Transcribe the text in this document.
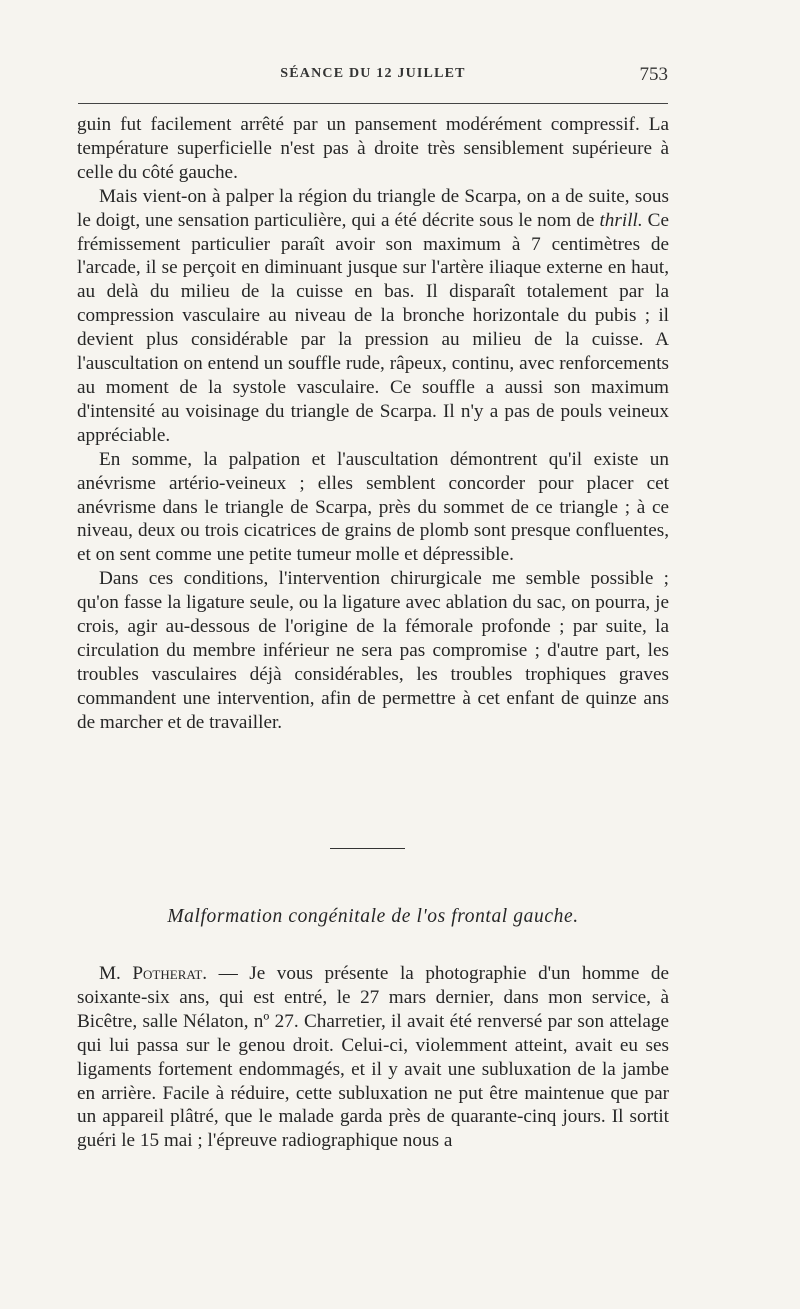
SÉANCE DU 12 JUILLET	753

guin fut facilement arrêté par un pansement modérément compressif. La température superficielle n'est pas à droite très sensiblement supérieure à celle du côté gauche.

Mais vient-on à palper la région du triangle de Scarpa, on a de suite, sous le doigt, une sensation particulière, qui a été décrite sous le nom de thrill. Ce frémissement particulier paraît avoir son maximum à 7 centimètres de l'arcade, il se perçoit en diminuant jusque sur l'artère iliaque externe en haut, au delà du milieu de la cuisse en bas. Il disparaît totalement par la compression vasculaire au niveau de la bronche horizontale du pubis ; il devient plus considérable par la pression au milieu de la cuisse. A l'auscultation on entend un souffle rude, râpeux, continu, avec renforcements au moment de la systole vasculaire. Ce souffle a aussi son maximum d'intensité au voisinage du triangle de Scarpa. Il n'y a pas de pouls veineux appréciable.

En somme, la palpation et l'auscultation démontrent qu'il existe un anévrisme artério-veineux ; elles semblent concorder pour placer cet anévrisme dans le triangle de Scarpa, près du sommet de ce triangle ; à ce niveau, deux ou trois cicatrices de grains de plomb sont presque confluentes, et on sent comme une petite tumeur molle et dépressible.

Dans ces conditions, l'intervention chirurgicale me semble possible ; qu'on fasse la ligature seule, ou la ligature avec ablation du sac, on pourra, je crois, agir au-dessous de l'origine de la fémorale profonde ; par suite, la circulation du membre inférieur ne sera pas compromise ; d'autre part, les troubles vasculaires déjà considérables, les troubles trophiques graves commandent une intervention, afin de permettre à cet enfant de quinze ans de marcher et de travailler.

Malformation congénitale de l'os frontal gauche.

M. Potherat. — Je vous présente la photographie d'un homme de soixante-six ans, qui est entré, le 27 mars dernier, dans mon service, à Bicêtre, salle Nélaton, nº 27. Charretier, il avait été renversé par son attelage qui lui passa sur le genou droit. Celui-ci, violemment atteint, avait eu ses ligaments fortement endommagés, et il y avait une subluxation de la jambe en arrière. Facile à réduire, cette subluxation ne put être maintenue que par un appareil plâtré, que le malade garda près de quarante-cinq jours. Il sortit guéri le 15 mai ; l'épreuve radiographique nous a
